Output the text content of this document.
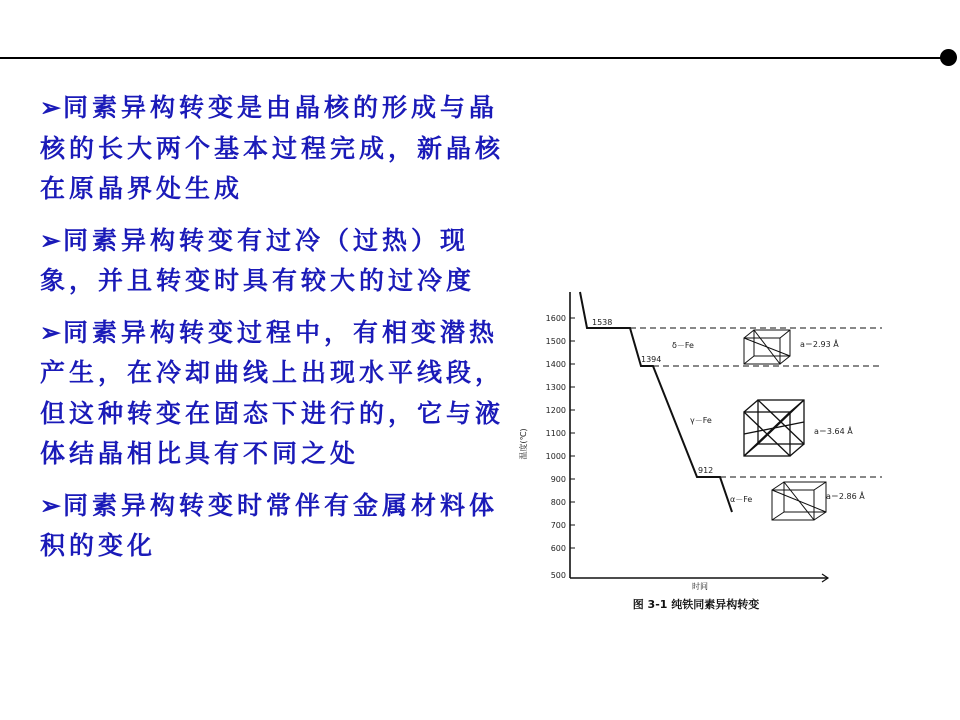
➢同素异构转变是由晶核的形成与晶核的长大两个基本过程完成，新晶核在原晶界处生成
➢同素异构转变有过冷（过热）现象，并且转变时具有较大的过冷度
➢同素异构转变过程中，有相变潜热产生，在冷却曲线上出现水平线段，但这种转变在固态下进行的，它与液体结晶相比具有不同之处
➢同素异构转变时常伴有金属材料体积的变化
1600
1500
1400
1300
1200
1100
1000
900
800
700
600
500
温度(℃)
时间
1538
1394
912
δ－Fe
γ－Fe
α－Fe
a＝2.93 Å
a＝3.64 Å
a＝2.86 Å
图 3-1 纯铁同素异构转变
